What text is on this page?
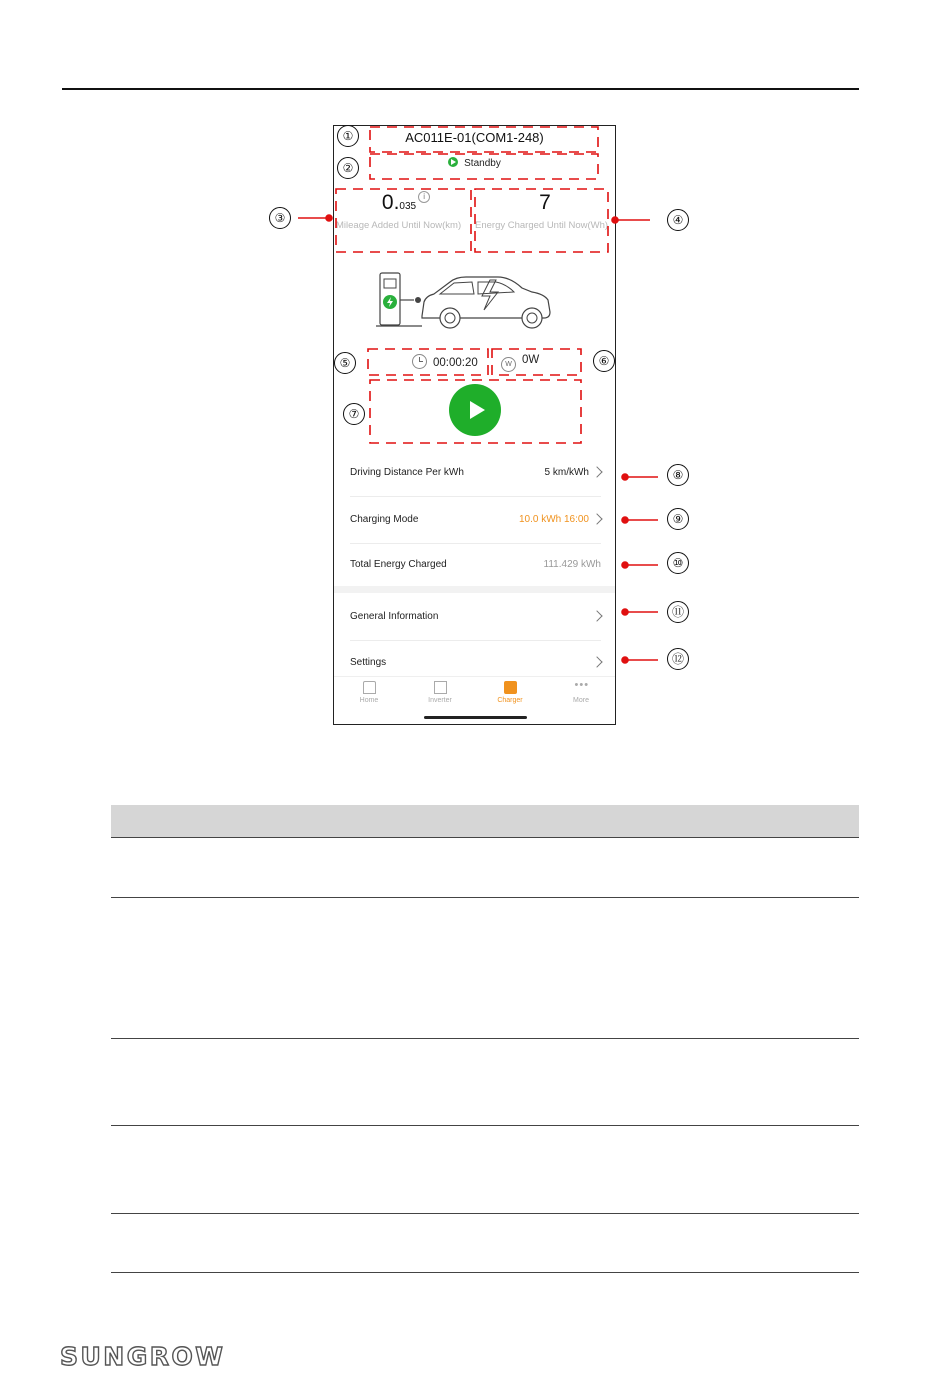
AC011E-01(COM1-248)
Standby
0.035i
Mileage Added Until Now(km)
7
Energy Charged Until Now(Wh)
00:00:20	W 0W
Driving Distance Per kWh	5 km/kWh
Charging Mode	10.0 kWh 16:00
Total Energy Charged	111.429 kWh
General Information
Settings
Home	Inverter	Charger
•••
More
①
②
③	④
⑤	⑥
⑦
⑧
⑨
⑩
⑪
⑫
SUNGROW
